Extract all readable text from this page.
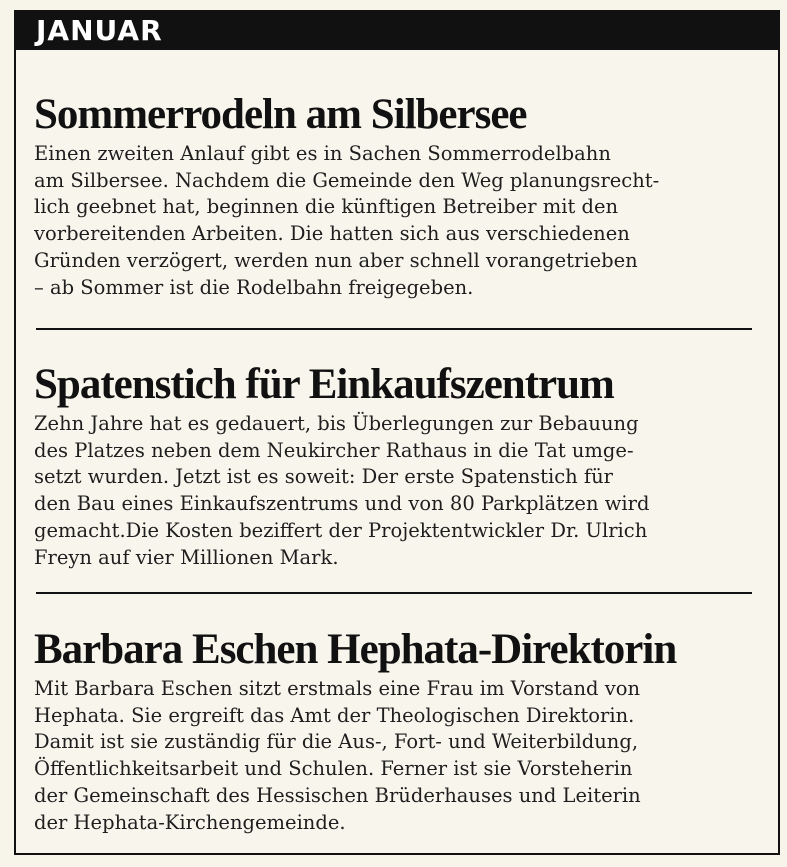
JANUAR
Sommerrodeln am Silbersee
Einen zweiten Anlauf gibt es in Sachen Sommerrodelbahn
am Silbersee. Nachdem die Gemeinde den Weg planungsrecht-
lich geebnet hat, beginnen die künftigen Betreiber mit den
vorbereitenden Arbeiten. Die hatten sich aus verschiedenen
Gründen verzögert, werden nun aber schnell vorangetrieben
– ab Sommer ist die Rodelbahn freigegeben.
Spatenstich für Einkaufszentrum
Zehn Jahre hat es gedauert, bis Überlegungen zur Bebauung
des Platzes neben dem Neukircher Rathaus in die Tat umge-
setzt wurden. Jetzt ist es soweit: Der erste Spatenstich für
den Bau eines Einkaufszentrums und von 80 Parkplätzen wird
gemacht.Die Kosten beziffert der Projektentwickler Dr. Ulrich
Freyn auf vier Millionen Mark.
Barbara Eschen Hephata-Direktorin
Mit Barbara Eschen sitzt erstmals eine Frau im Vorstand von
Hephata. Sie ergreift das Amt der Theologischen Direktorin.
Damit ist sie zuständig für die Aus-, Fort- und Weiterbildung,
Öffentlichkeitsarbeit und Schulen. Ferner ist sie Vorsteherin
der Gemeinschaft des Hessischen Brüderhauses und Leiterin
der Hephata-Kirchengemeinde.
